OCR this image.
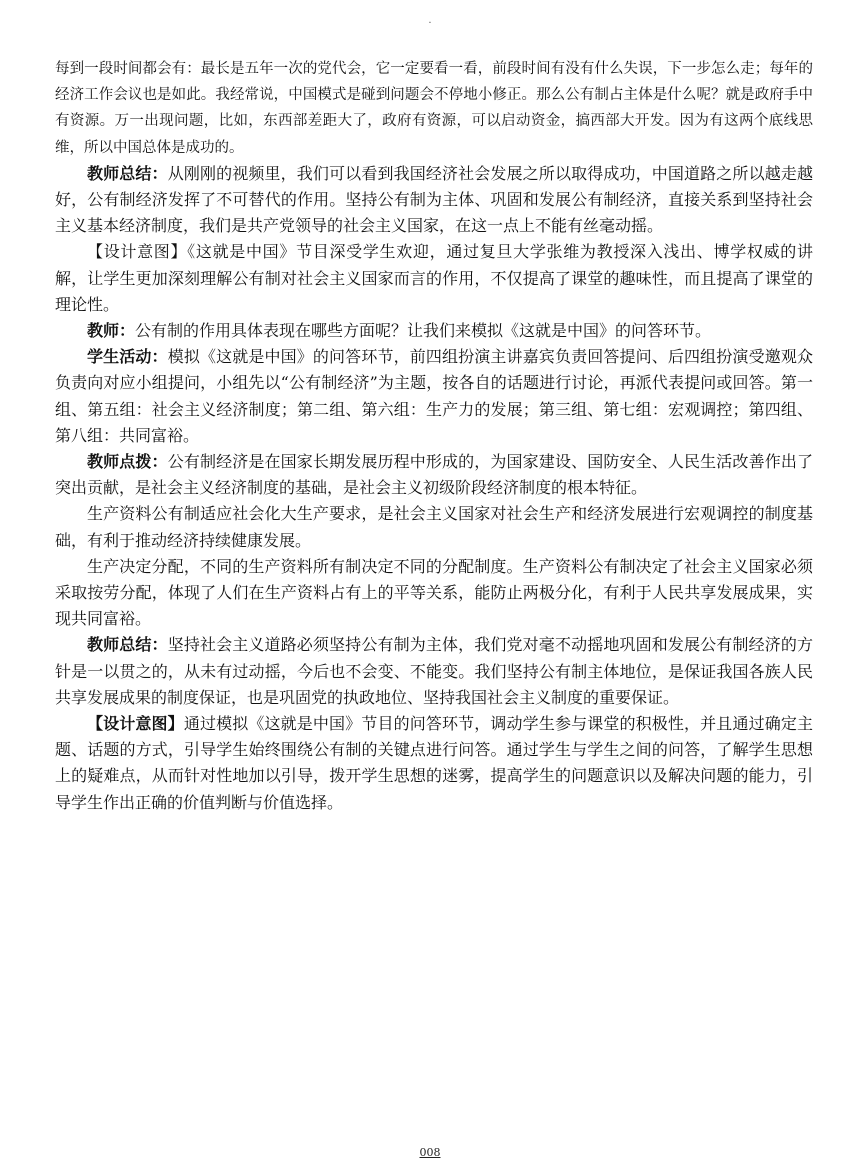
.

每到一段时间都会有：最长是五年一次的党代会，它一定要看一看，前段时间有没有什么失误，下一步怎么走；每年的经济工作会议也是如此。我经常说，中国模式是碰到问题会不停地小修正。那么公有制占主体是什么呢？就是政府手中有资源。万一出现问题，比如，东西部差距大了，政府有资源，可以启动资金，搞西部大开发。因为有这两个底线思维，所以中国总体是成功的。

教师总结：从刚刚的视频里，我们可以看到我国经济社会发展之所以取得成功，中国道路之所以越走越好，公有制经济发挥了不可替代的作用。坚持公有制为主体、巩固和发展公有制经济，直接关系到坚持社会主义基本经济制度，我们是共产党领导的社会主义国家，在这一点上不能有丝毫动摇。

【设计意图】《这就是中国》节目深受学生欢迎，通过复旦大学张维为教授深入浅出、博学权威的讲解，让学生更加深刻理解公有制对社会主义国家而言的作用，不仅提高了课堂的趣味性，而且提高了课堂的理论性。

教师：公有制的作用具体表现在哪些方面呢？让我们来模拟《这就是中国》的问答环节。

学生活动：模拟《这就是中国》的问答环节，前四组扮演主讲嘉宾负责回答提问、后四组扮演受邀观众负责向对应小组提问，小组先以“公有制经济”为主题，按各自的话题进行讨论，再派代表提问或回答。第一组、第五组：社会主义经济制度；第二组、第六组：生产力的发展；第三组、第七组：宏观调控；第四组、第八组：共同富裕。

教师点拨：公有制经济是在国家长期发展历程中形成的，为国家建设、国防安全、人民生活改善作出了突出贡献，是社会主义经济制度的基础，是社会主义初级阶段经济制度的根本特征。

生产资料公有制适应社会化大生产要求，是社会主义国家对社会生产和经济发展进行宏观调控的制度基础，有利于推动经济持续健康发展。

生产决定分配，不同的生产资料所有制决定不同的分配制度。生产资料公有制决定了社会主义国家必须采取按劳分配，体现了人们在生产资料占有上的平等关系，能防止两极分化，有利于人民共享发展成果，实现共同富裕。

教师总结：坚持社会主义道路必须坚持公有制为主体，我们党对毫不动摇地巩固和发展公有制经济的方针是一以贯之的，从未有过动摇，今后也不会变、不能变。我们坚持公有制主体地位，是保证我国各族人民共享发展成果的制度保证，也是巩固党的执政地位、坚持我国社会主义制度的重要保证。

【设计意图】通过模拟《这就是中国》节目的问答环节，调动学生参与课堂的积极性，并且通过确定主题、话题的方式，引导学生始终围绕公有制的关键点进行问答。通过学生与学生之间的问答，了解学生思想上的疑难点，从而针对性地加以引导，拨开学生思想的迷雾，提高学生的问题意识以及解决问题的能力，引导学生作出正确的价值判断与价值选择。

008
